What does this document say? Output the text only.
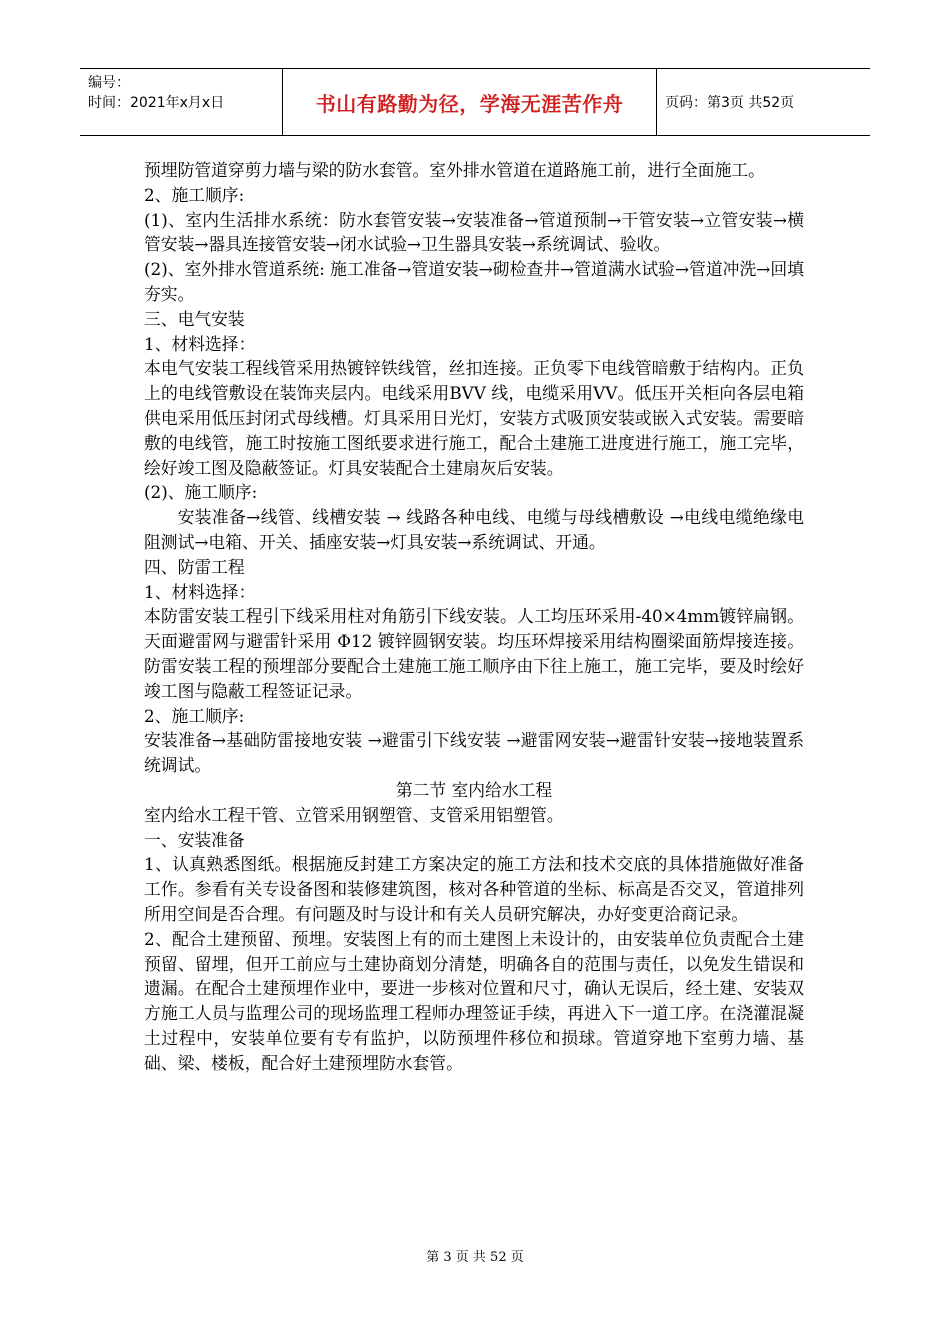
编号：
时间：2021年x月x日	书山有路勤为径，学海无涯苦作舟	页码：第3页 共52页

预埋防管道穿剪力墙与梁的防水套管。室外排水管道在道路施工前，进行全面施工。

2、施工顺序:

(1)、室内生活排水系统：防水套管安装→安装准备→管道预制→干管安装→立管安装→横管安装→器具连接管安装→闭水试验→卫生器具安装→系统调试、验收。

(2)、室外排水管道系统: 施工准备→管道安装→砌检查井→管道满水试验→管道冲洗→回填夯实。

三、电气安装

1、材料选择：

本电气安装工程线管采用热镀锌铁线管，丝扣连接。正负零下电线管暗敷于结构内。正负上的电线管敷设在装饰夹层内。电线采用BVV 线，电缆采用VV。低压开关柜向各层电箱供电采用低压封闭式母线槽。灯具采用日光灯，安装方式吸顶安装或嵌入式安装。需要暗敷的电线管，施工时按施工图纸要求进行施工，配合土建施工进度进行施工，施工完毕，绘好竣工图及隐蔽签证。灯具安装配合土建扇灰后安装。

(2)、施工顺序:

安装准备→线管、线槽安装 → 线路各种电线、电缆与母线槽敷设 →电线电缆绝缘电阻测试→电箱、开关、插座安装→灯具安装→系统调试、开通。

四、防雷工程

1、材料选择：

本防雷安装工程引下线采用柱对角筋引下线安装。人工均压环采用-40×4mm镀锌扁钢。天面避雷网与避雷针采用 Φ12 镀锌圆钢安装。均压环焊接采用结构圈梁面筋焊接连接。防雷安装工程的预埋部分要配合土建施工施工顺序由下往上施工，施工完毕，要及时绘好竣工图与隐蔽工程签证记录。

2、施工顺序:

安装准备→基础防雷接地安装 →避雷引下线安装 →避雷网安装→避雷针安装→接地装置系统调试。

第二节 室内给水工程

室内给水工程干管、立管采用钢塑管、支管采用铝塑管。

一、安装准备

1、认真熟悉图纸。根据施反封建工方案决定的施工方法和技术交底的具体措施做好准备工作。参看有关专设备图和装修建筑图，核对各种管道的坐标、标高是否交叉，管道排列所用空间是否合理。有问题及时与设计和有关人员研究解决，办好变更洽商记录。

2、配合土建预留、预埋。安装图上有的而土建图上未设计的，由安装单位负责配合土建预留、留埋，但开工前应与土建协商划分清楚，明确各自的范围与责任，以免发生错误和遗漏。在配合土建预埋作业中，要进一步核对位置和尺寸，确认无误后，经土建、安装双方施工人员与监理公司的现场监理工程师办理签证手续，再进入下一道工序。在浇灌混凝土过程中，安装单位要有专有监护，以防预埋件移位和损球。管道穿地下室剪力墙、基础、梁、楼板，配合好土建预埋防水套管。

第 3 页 共 52 页
